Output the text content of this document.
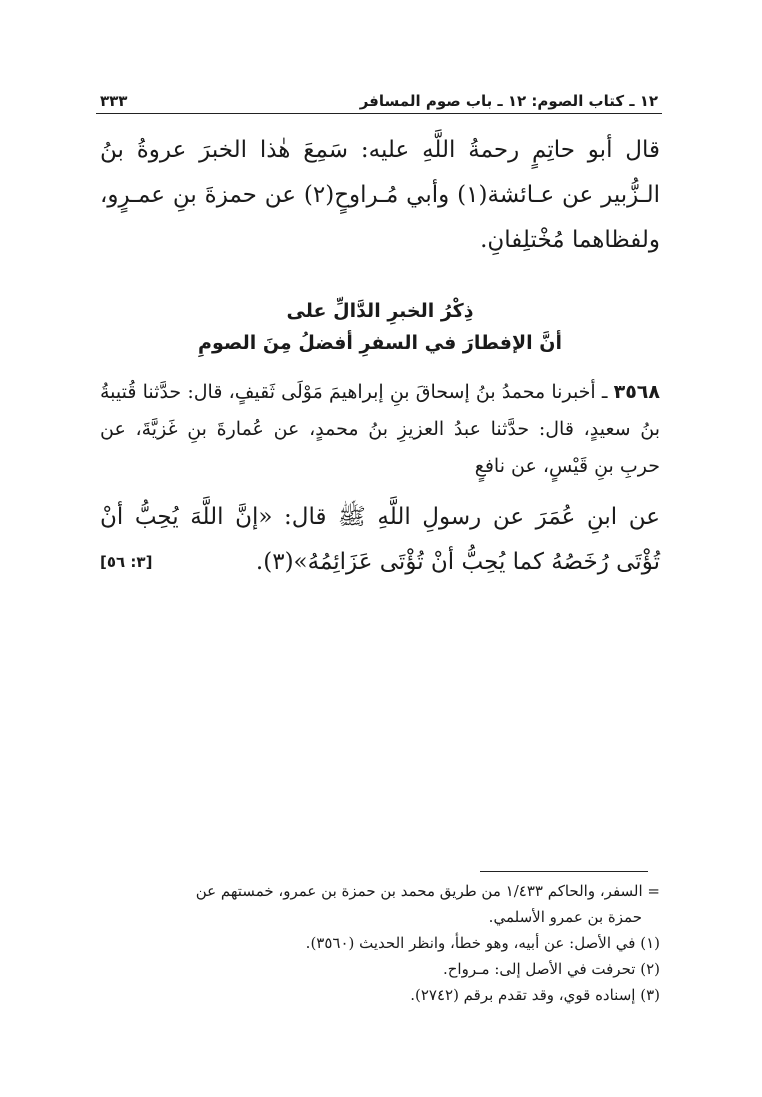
٣٣٣	١٢ ـ كتاب الصوم: ١٢ ـ باب صوم المسافر
قال أبو حاتِمٍ رحمةُ اللَّهِ عليه: سَمِعَ هٰذا الخبرَ عروةُ بنُ الـزُّبير عن عـائشة(١) وأبي مُـراوحٍ(٢) عن حمزةَ بنِ عمـرٍو، ولفظاهما مُخْتلِفانِ.
ذِكْرُ الخبرِ الدَّالِّ على
أنَّ الإفطارَ في السفرِ أفضلُ مِنَ الصومِ
٣٥٦٨ ـ أخبرنا محمدُ بنُ إسحاقَ بنِ إبراهيمَ مَوْلَى ثَقيفٍ، قال: حدَّثنا قُتيبةُ بنُ سعيدٍ، قال: حدَّثنا عبدُ العزيزِ بنُ محمدٍ، عن عُمارةَ بنِ غَزيَّةَ، عن حربِ بنِ قَيْسٍ، عن نافعٍ
عن ابنِ عُمَرَ عن رسولِ اللَّهِ ﷺ قال: «إنَّ اللَّهَ يُحِبُّ أنْ تُؤْتَى رُخَصُهُ كما يُحِبُّ أنْ تُؤْتَى عَزَائِمُهُ»(٣).
[٣: ٥٦]

= السفر، والحاكم ١/٤٣٣ من طريق محمد بن حمزة بن عمرو، خمستهم عن

حمزة بن عمرو الأسلمي.

(١) في الأصل: عن أبيه، وهو خطأ، وانظر الحديث (٣٥٦٠).

(٢) تحرفت في الأصل إلى: مـرواح.

(٣) إسناده قوي، وقد تقدم برقم (٢٧٤٢).
